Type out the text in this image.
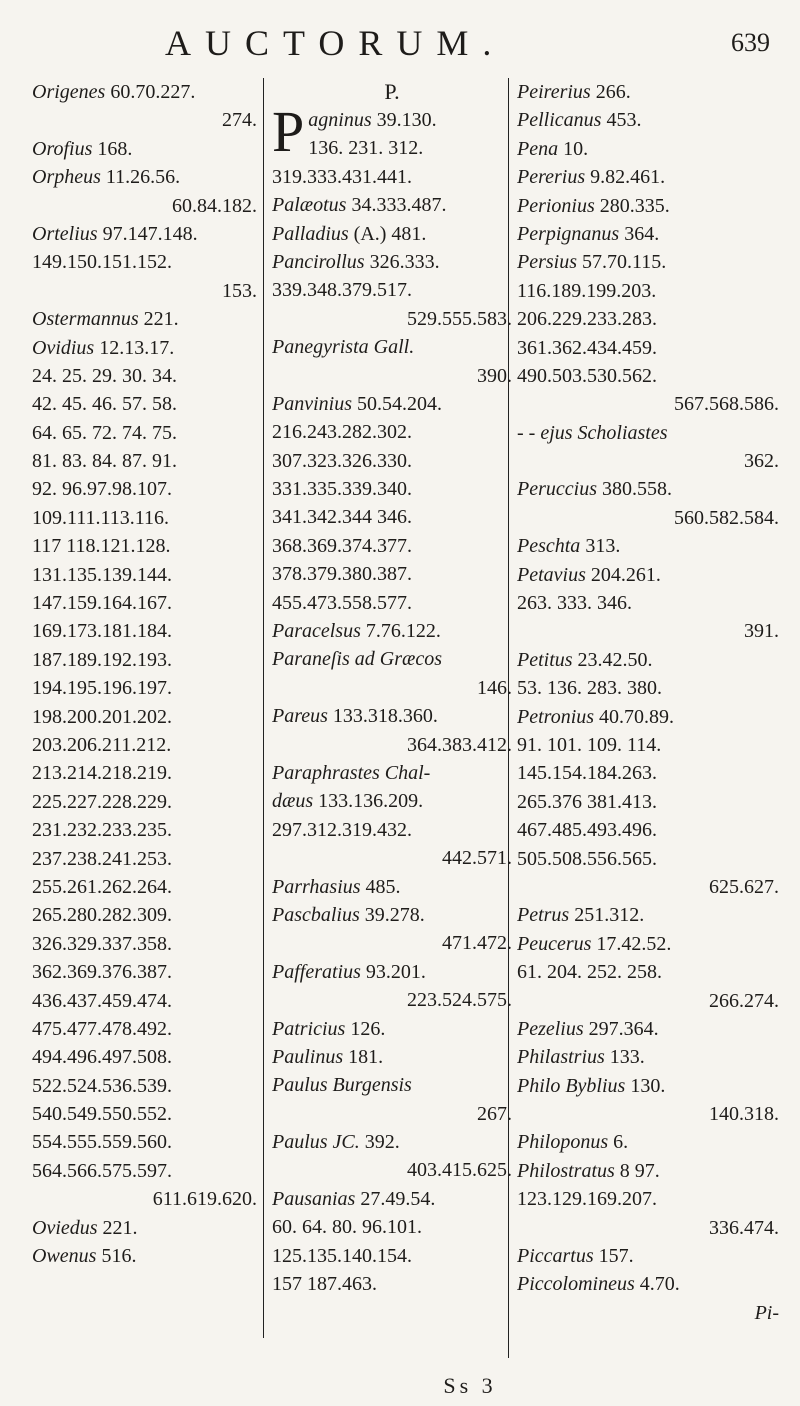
AUCTORUM.	639
Origenes 60.70.227.
274.
Orofius 168.
Orpheus 11.26.56.
60.84.182.
Ortelius 97.147.148.
149.150.151.152.
153.
Ostermannus 221.
Ovidius 12.13.17.
24. 25. 29. 30. 34.
42. 45. 46. 57. 58.
64. 65. 72. 74. 75.
81. 83. 84. 87. 91.
92. 96.97.98.107.
109.111.113.116.
117 118.121.128.
131.135.139.144.
147.159.164.167.
169.173.181.184.
187.189.192.193.
194.195.196.197.
198.200.201.202.
203.206.211.212.
213.214.218.219.
225.227.228.229.
231.232.233.235.
237.238.241.253.
255.261.262.264.
265.280.282.309.
326.329.337.358.
362.369.376.387.
436.437.459.474.
475.477.478.492.
494.496.497.508.
522.524.536.539.
540.549.550.552.
554.555.559.560.
564.566.575.597.
611.619.620.
Oviedus 221.
Owenus 516.
P.
P agninus 39.130.
136. 231. 312.
319.333.431.441.
Palæotus 34.333.487.
Palladius (A.) 481.
Pancirollus 326.333.
339.348.379.517.
529.555.583.
Panegyrista Gall.
390.
Panvinius 50.54.204.
216.243.282.302.
307.323.326.330.
331.335.339.340.
341.342.344 346.
368.369.374.377.
378.379.380.387.
455.473.558.577.
Paracelsus 7.76.122.
Paraneſis ad Græcos
146.
Pareus 133.318.360.
364.383.412.
Paraphrastes Chal-
dæus 133.136.209.
297.312.319.432.
442.571.
Parrhasius 485.
Pascbalius 39.278.
471.472.
Pafferatius 93.201.
223.524.575.
Patricius 126.
Paulinus 181.
Paulus Burgensis
267.
Paulus JC. 392.
403.415.625.
Pausanias 27.49.54.
60. 64. 80. 96.101.
125.135.140.154.
157 187.463.
Peirerius 266.
Pellicanus 453.
Pena 10.
Pererius 9.82.461.
Perionius 280.335.
Perpignanus 364.
Persius 57.70.115.
116.189.199.203.
206.229.233.283.
361.362.434.459.
490.503.530.562.
567.568.586.
- - ejus Scholiastes
362.
Peruccius 380.558.
560.582.584.
Peschta 313.
Petavius 204.261.
263. 333. 346.
391.
Petitus 23.42.50.
53. 136. 283. 380.
Petronius 40.70.89.
91. 101. 109. 114.
145.154.184.263.
265.376 381.413.
467.485.493.496.
505.508.556.565.
625.627.
Petrus 251.312.
Peucerus 17.42.52.
61. 204. 252. 258.
266.274.
Pezelius 297.364.
Philastrius 133.
Philo Byblius 130.
140.318.
Philoponus 6.
Philostratus 8 97.
123.129.169.207.
336.474.
Piccartus 157.
Piccolomineus 4.70.
Pi-
Ss 3
